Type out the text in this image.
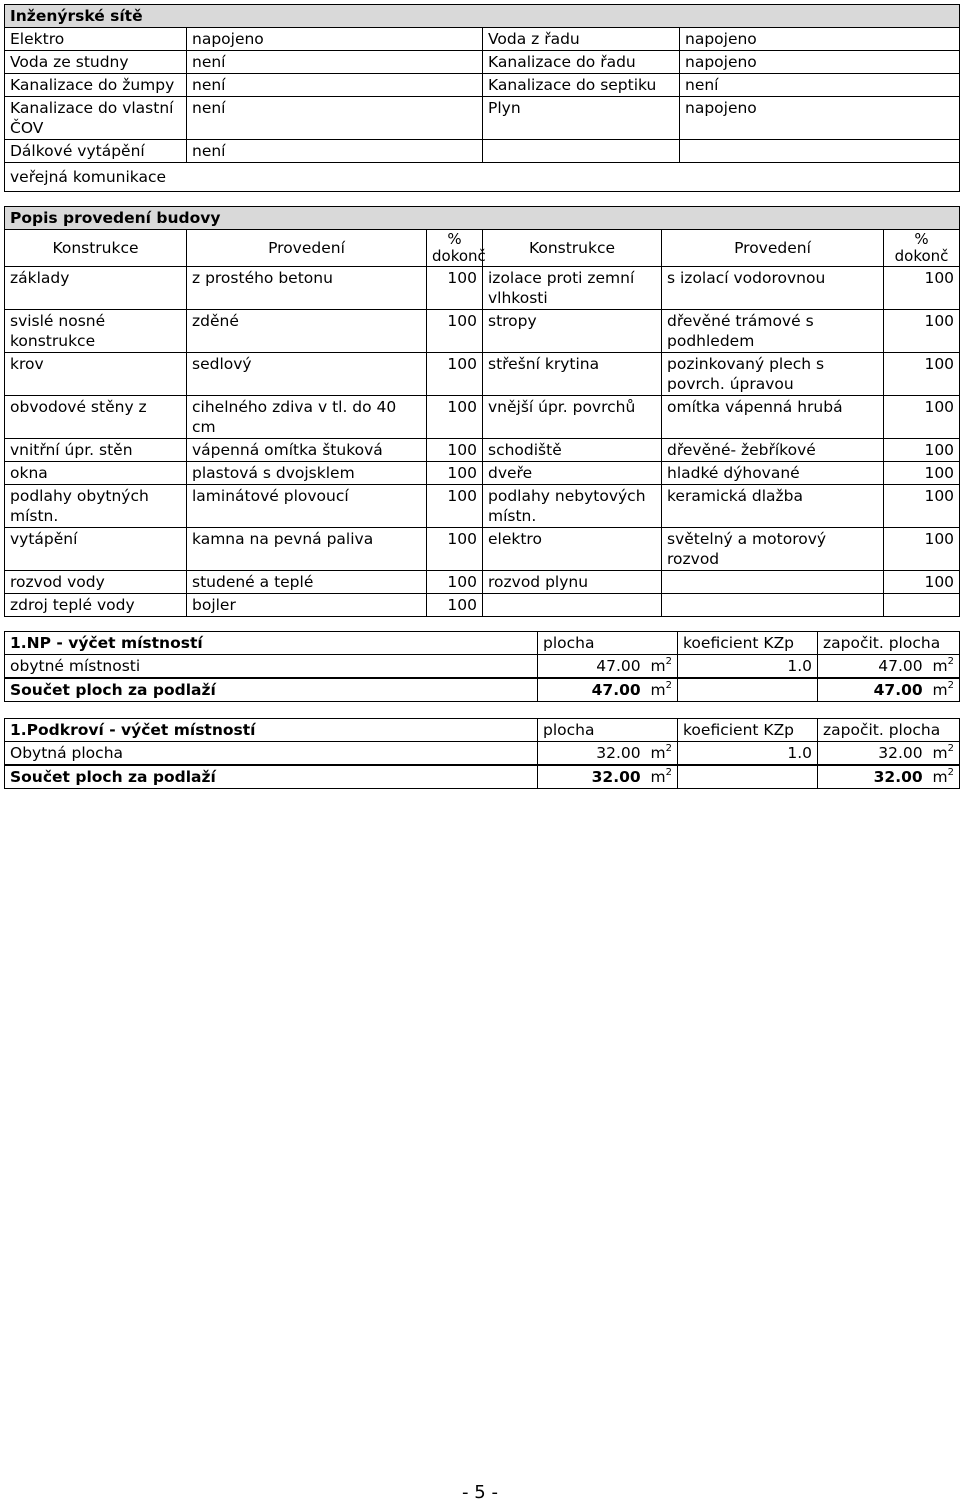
Inženýrské sítě			
Elektro	napojeno	Voda z řadu	napojeno
Voda ze studny	není	Kanalizace do řadu	napojeno
Kanalizace do žumpy	není	Kanalizace do septiku	není
Kanalizace do vlastní ČOV	není	Plyn	napojeno
Dálkové vytápění	není		
veřejná komunikace			
Popis provedení budovy					
Konstrukce	Provedení	% dokonč	Konstrukce	Provedení	% dokonč
základy	z prostého betonu	100	izolace proti zemní vlhkosti	s izolací vodorovnou	100
svislé nosné konstrukce	zděné	100	stropy	dřevěné trámové s podhledem	100
krov	sedlový	100	střešní krytina	pozinkovaný plech s povrch. úpravou	100
obvodové stěny z	cihelného zdiva v tl. do 40 cm	100	vnější úpr. povrchů	omítka vápenná hrubá	100
vnitřní úpr. stěn	vápenná omítka štuková	100	schodiště	dřevěné- žebříkové	100
okna	plastová s dvojsklem	100	dveře	hladké dýhované	100
podlahy obytných místn.	laminátové plovoucí	100	podlahy nebytových místn.	keramická dlažba	100
vytápění	kamna na pevná paliva	100	elektro	světelný a motorový rozvod	100
rozvod vody	studené a teplé	100	rozvod plynu		100
zdroj teplé vody	bojler	100			
1.NP - výčet místností	plocha	koeficient KZp	započit. plocha
obytné místnosti	47.00 $m^2$	1.0	47.00 $m^2$
Součet ploch za podlaží	47.00 $m^2$		47.00 $m^2$
1.Podkroví - výčet místností	plocha	koeficient KZp	započit. plocha
Obytná plocha	32.00 $m^2$	1.0	32.00 $m^2$
Součet ploch za podlaží	32.00 $m^2$		32.00 $m^2$
- 5 -
